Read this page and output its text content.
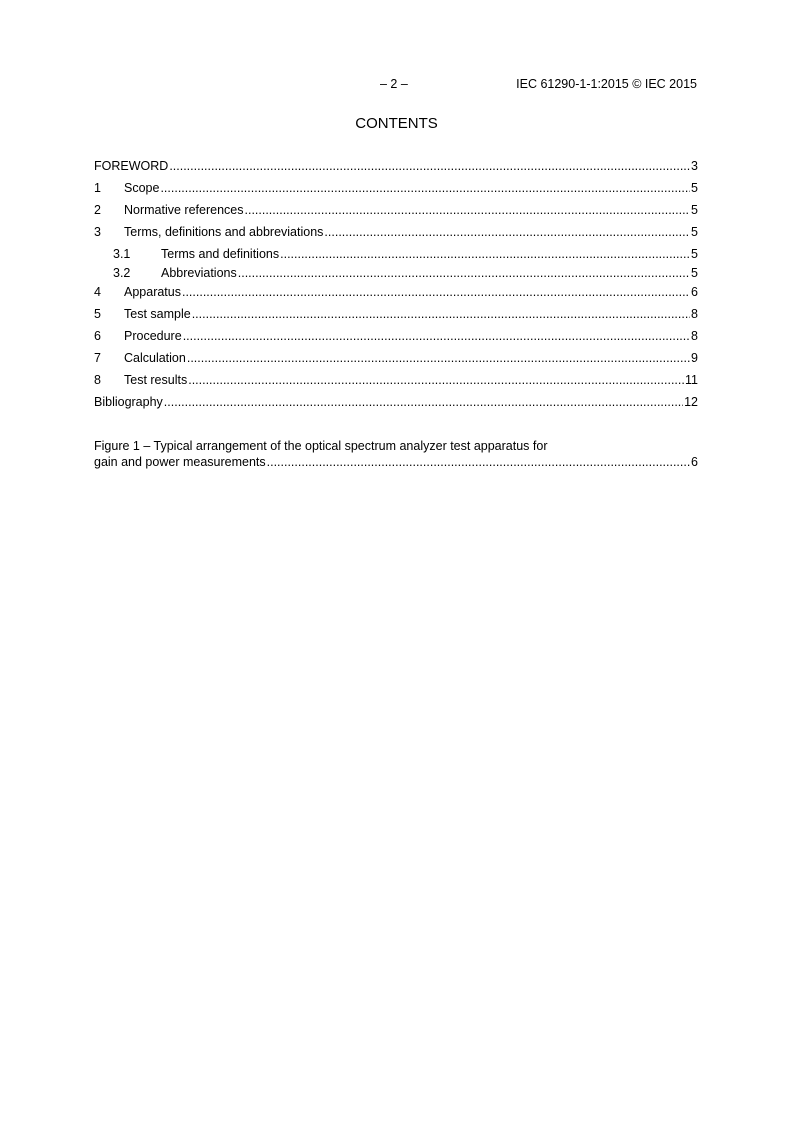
– 2 –	IEC 61290-1-1:2015 © IEC 2015
CONTENTS
FOREWORD .....	3
1	Scope .....	5
2	Normative references .....	5
3	Terms, definitions and abbreviations .....	5
3.1	Terms and definitions .....	5
3.2	Abbreviations .....	5
4	Apparatus .....	6
5	Test sample .....	8
6	Procedure .....	8
7	Calculation .....	9
8	Test results .....	11
Bibliography .....	12
Figure 1 – Typical arrangement of the optical spectrum analyzer test apparatus for
gain and power measurements .....	6
